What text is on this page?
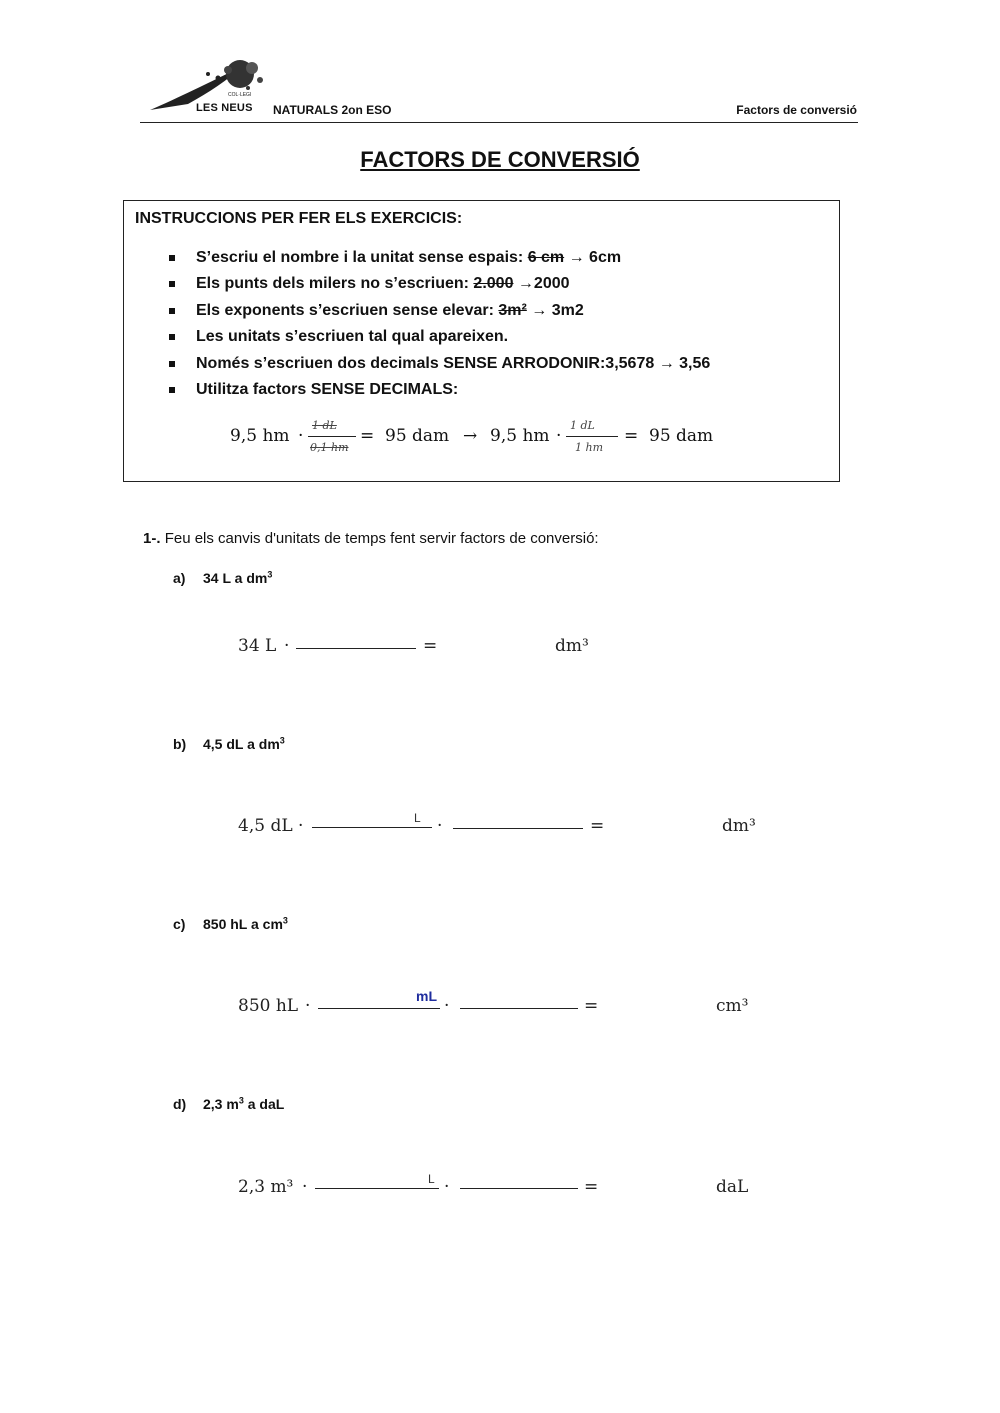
COL·LEGI
LES NEUS NATURALS 2on ESO	Factors de conversió
FACTORS DE CONVERSIÓ
INSTRUCCIONS PER FER ELS EXERCICIS:
S’escriu el nombre i la unitat sense espais: 6 cm → 6cm
Els punts dels milers no s’escriuen: 2.000 →2000
Els exponents s’escriuen sense elevar: 3m² → 3m2
Les unitats s’escriuen tal qual apareixen.
Només s’escriuen dos decimals SENSE ARRODONIR:3,5678 → 3,56
Utilitza factors SENSE DECIMALS:
9,5 hm ·
1 dL
0,1 hm
= 95 dam → 9,5 hm ·
1 dL
1 hm
= 95 dam
1-. Feu els canvis d'unitats de temps fent servir factors de conversió:
a) 34 L a $dm^3$
34 L ·	=	dm³
b) 4,5 dL a $dm^3$
4,5 dL ·	L ·	=	dm³
c) 850 hL a $cm^3$
850 hL ·	mL ·	=	cm³
d) 2,3 $m^3$ a daL
2,3 m³ ·	L ·	=	daL
